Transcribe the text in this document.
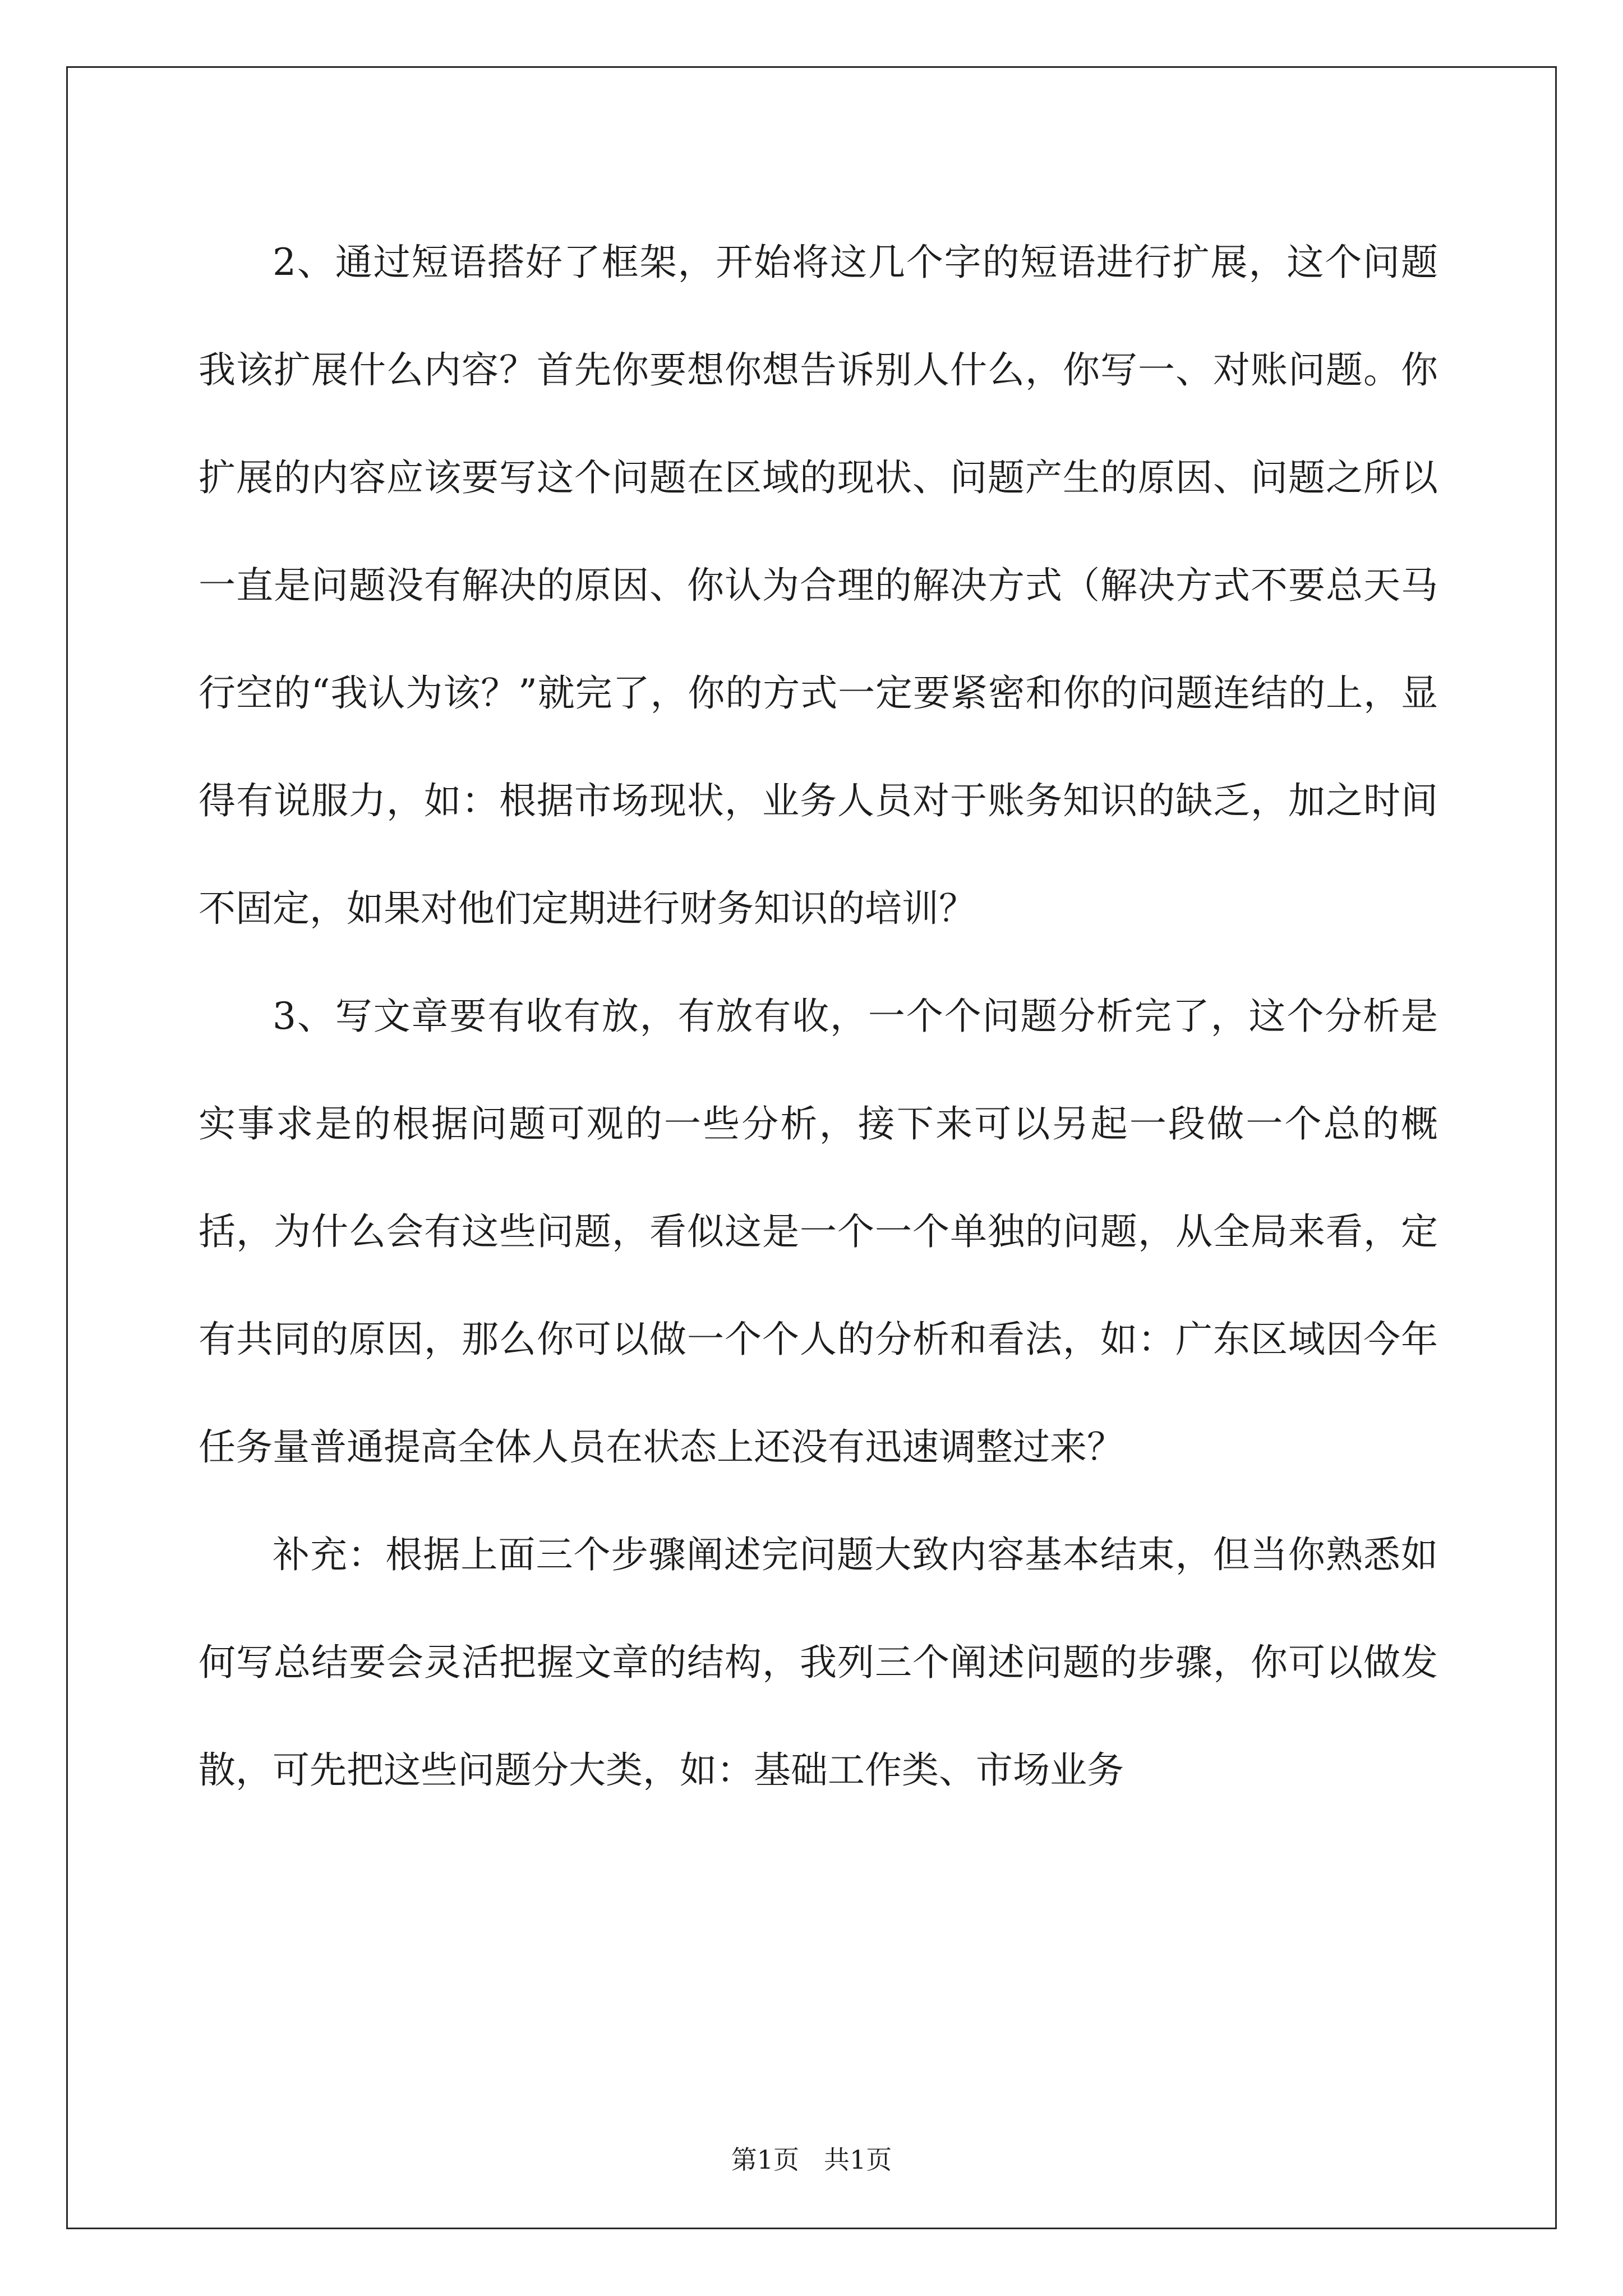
2、通过短语搭好了框架，开始将这几个字的短语进行扩展，这个问题我该扩展什么内容？首先你要想你想告诉别人什么，你写一、对账问题。你扩展的内容应该要写这个问题在区域的现状、问题产生的原因、问题之所以一直是问题没有解决的原因、你认为合理的解决方式（解决方式不要总天马行空的“我认为该？”就完了，你的方式一定要紧密和你的问题连结的上，显得有说服力，如：根据市场现状，业务人员对于账务知识的缺乏，加之时间不固定，如果对他们定期进行财务知识的培训？

3、写文章要有收有放，有放有收，一个个问题分析完了，这个分析是实事求是的根据问题可观的一些分析，接下来可以另起一段做一个总的概括，为什么会有这些问题，看似这是一个一个单独的问题，从全局来看，定有共同的原因，那么你可以做一个个人的分析和看法，如：广东区域因今年任务量普通提高全体人员在状态上还没有迅速调整过来？

补充：根据上面三个步骤阐述完问题大致内容基本结束，但当你熟悉如何写总结要会灵活把握文章的结构，我列三个阐述问题的步骤，你可以做发散，可先把这些问题分大类，如：基础工作类、市场业务

第1页 共1页
